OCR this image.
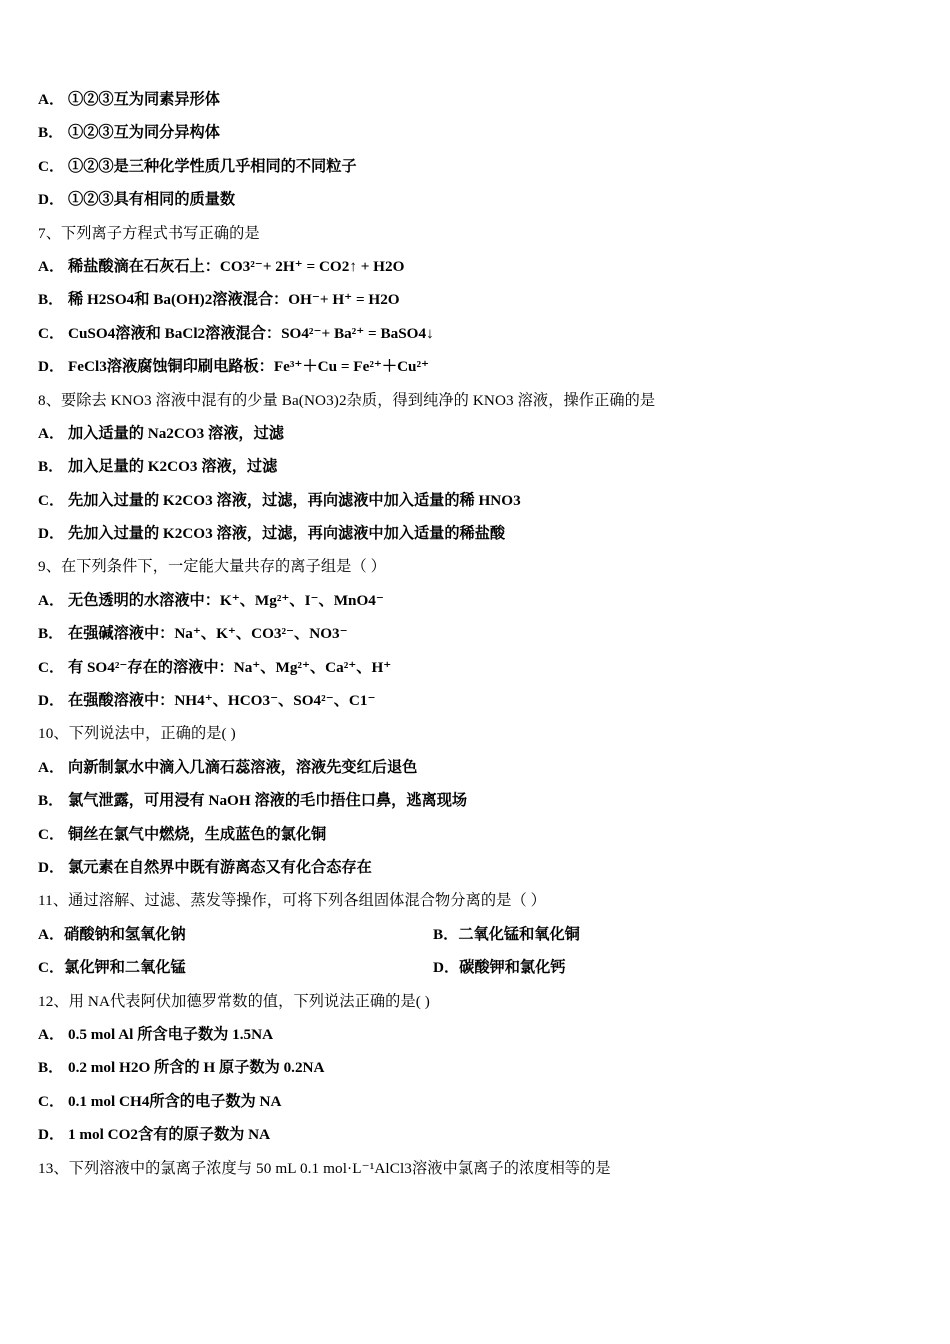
A． ①②③互为同素异形体
B． ①②③互为同分异构体
C． ①②③是三种化学性质几乎相同的不同粒子
D． ①②③具有相同的质量数
7、下列离子方程式书写正确的是
A． 稀盐酸滴在石灰石上：CO3²⁻+ 2H⁺ = CO2↑ + H2O
B． 稀 H2SO4和 Ba(OH)2溶液混合：OH⁻+ H⁺ = H2O
C． CuSO4溶液和 BaCl2溶液混合：SO4²⁻+ Ba²⁺ = BaSO4↓
D． FeCl3溶液腐蚀铜印刷电路板：Fe³⁺＋Cu = Fe²⁺＋Cu²⁺
8、要除去 KNO3 溶液中混有的少量 Ba(NO3)2杂质，得到纯净的 KNO3 溶液，操作正确的是
A． 加入适量的 Na2CO3 溶液，过滤
B． 加入足量的 K2CO3 溶液，过滤
C． 先加入过量的 K2CO3 溶液，过滤，再向滤液中加入适量的稀 HNO3
D． 先加入过量的 K2CO3 溶液，过滤，再向滤液中加入适量的稀盐酸
9、在下列条件下，一定能大量共存的离子组是（ ）
A． 无色透明的水溶液中：K⁺、Mg²⁺、I⁻、MnO4⁻
B． 在强碱溶液中：Na⁺、K⁺、CO3²⁻、NO3⁻
C． 有 SO4²⁻存在的溶液中：Na⁺、Mg²⁺、Ca²⁺、H⁺
D． 在强酸溶液中：NH4⁺、HCO3⁻、SO4²⁻、C1⁻
10、下列说法中，正确的是( )
A． 向新制氯水中滴入几滴石蕊溶液，溶液先变红后退色
B． 氯气泄露，可用浸有 NaOH 溶液的毛巾捂住口鼻，逃离现场
C． 铜丝在氯气中燃烧，生成蓝色的氯化铜
D． 氯元素在自然界中既有游离态又有化合态存在
11、通过溶解、过滤、蒸发等操作，可将下列各组固体混合物分离的是（ ）
A．硝酸钠和氢氧化钠	B．二氧化锰和氧化铜
C．氯化钾和二氧化锰	D．碳酸钾和氯化钙
12、用 NA代表阿伏加德罗常数的值，下列说法正确的是( )
A． 0.5 mol Al 所含电子数为 1.5NA
B． 0.2 mol H2O 所含的 H 原子数为 0.2NA
C． 0.1 mol CH4所含的电子数为 NA
D． 1 mol CO2含有的原子数为 NA
13、下列溶液中的氯离子浓度与 50 mL 0.1 mol·L⁻¹AlCl3溶液中氯离子的浓度相等的是
